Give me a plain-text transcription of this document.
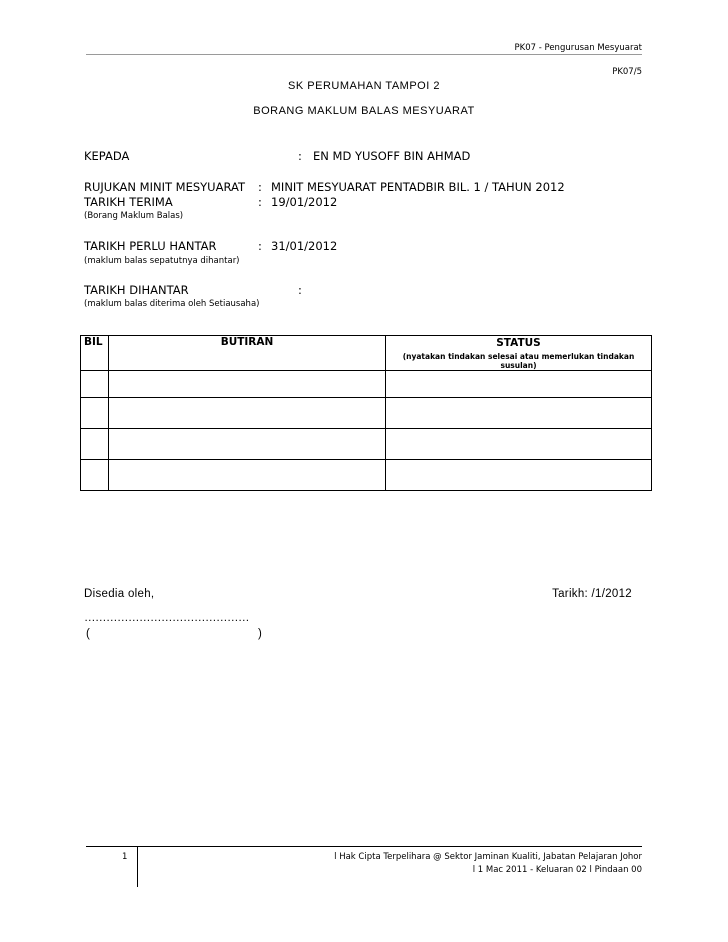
PK07 - Pengurusan Mesyuarat
PK07/5
SK PERUMAHAN TAMPOI 2
BORANG MAKLUM BALAS MESYUARAT
KEPADA	: EN MD YUSOFF BIN AHMAD
RUJUKAN MINIT MESYUARAT : MINIT MESYUARAT PENTADBIR BIL. 1 / TAHUN 2012
TARIKH TERIMA	: 19/01/2012
(Borang Maklum Balas)
TARIKH PERLU HANTAR	: 31/01/2012
(maklum balas sepatutnya dihantar)
TARIKH DIHANTAR	:
(maklum balas diterima oleh Setiausaha)
BIL	BUTIRAN	STATUS
(nyatakan tindakan selesai atau memerlukan tindakan susulan)

Disedia oleh,	Tarikh: /1/2012
………………………………………
(	)
1	l Hak Cipta Terpelihara @ Sektor Jaminan Kualiti, Jabatan Pelajaran Johor
l 1 Mac 2011 - Keluaran 02 l Pindaan 00
